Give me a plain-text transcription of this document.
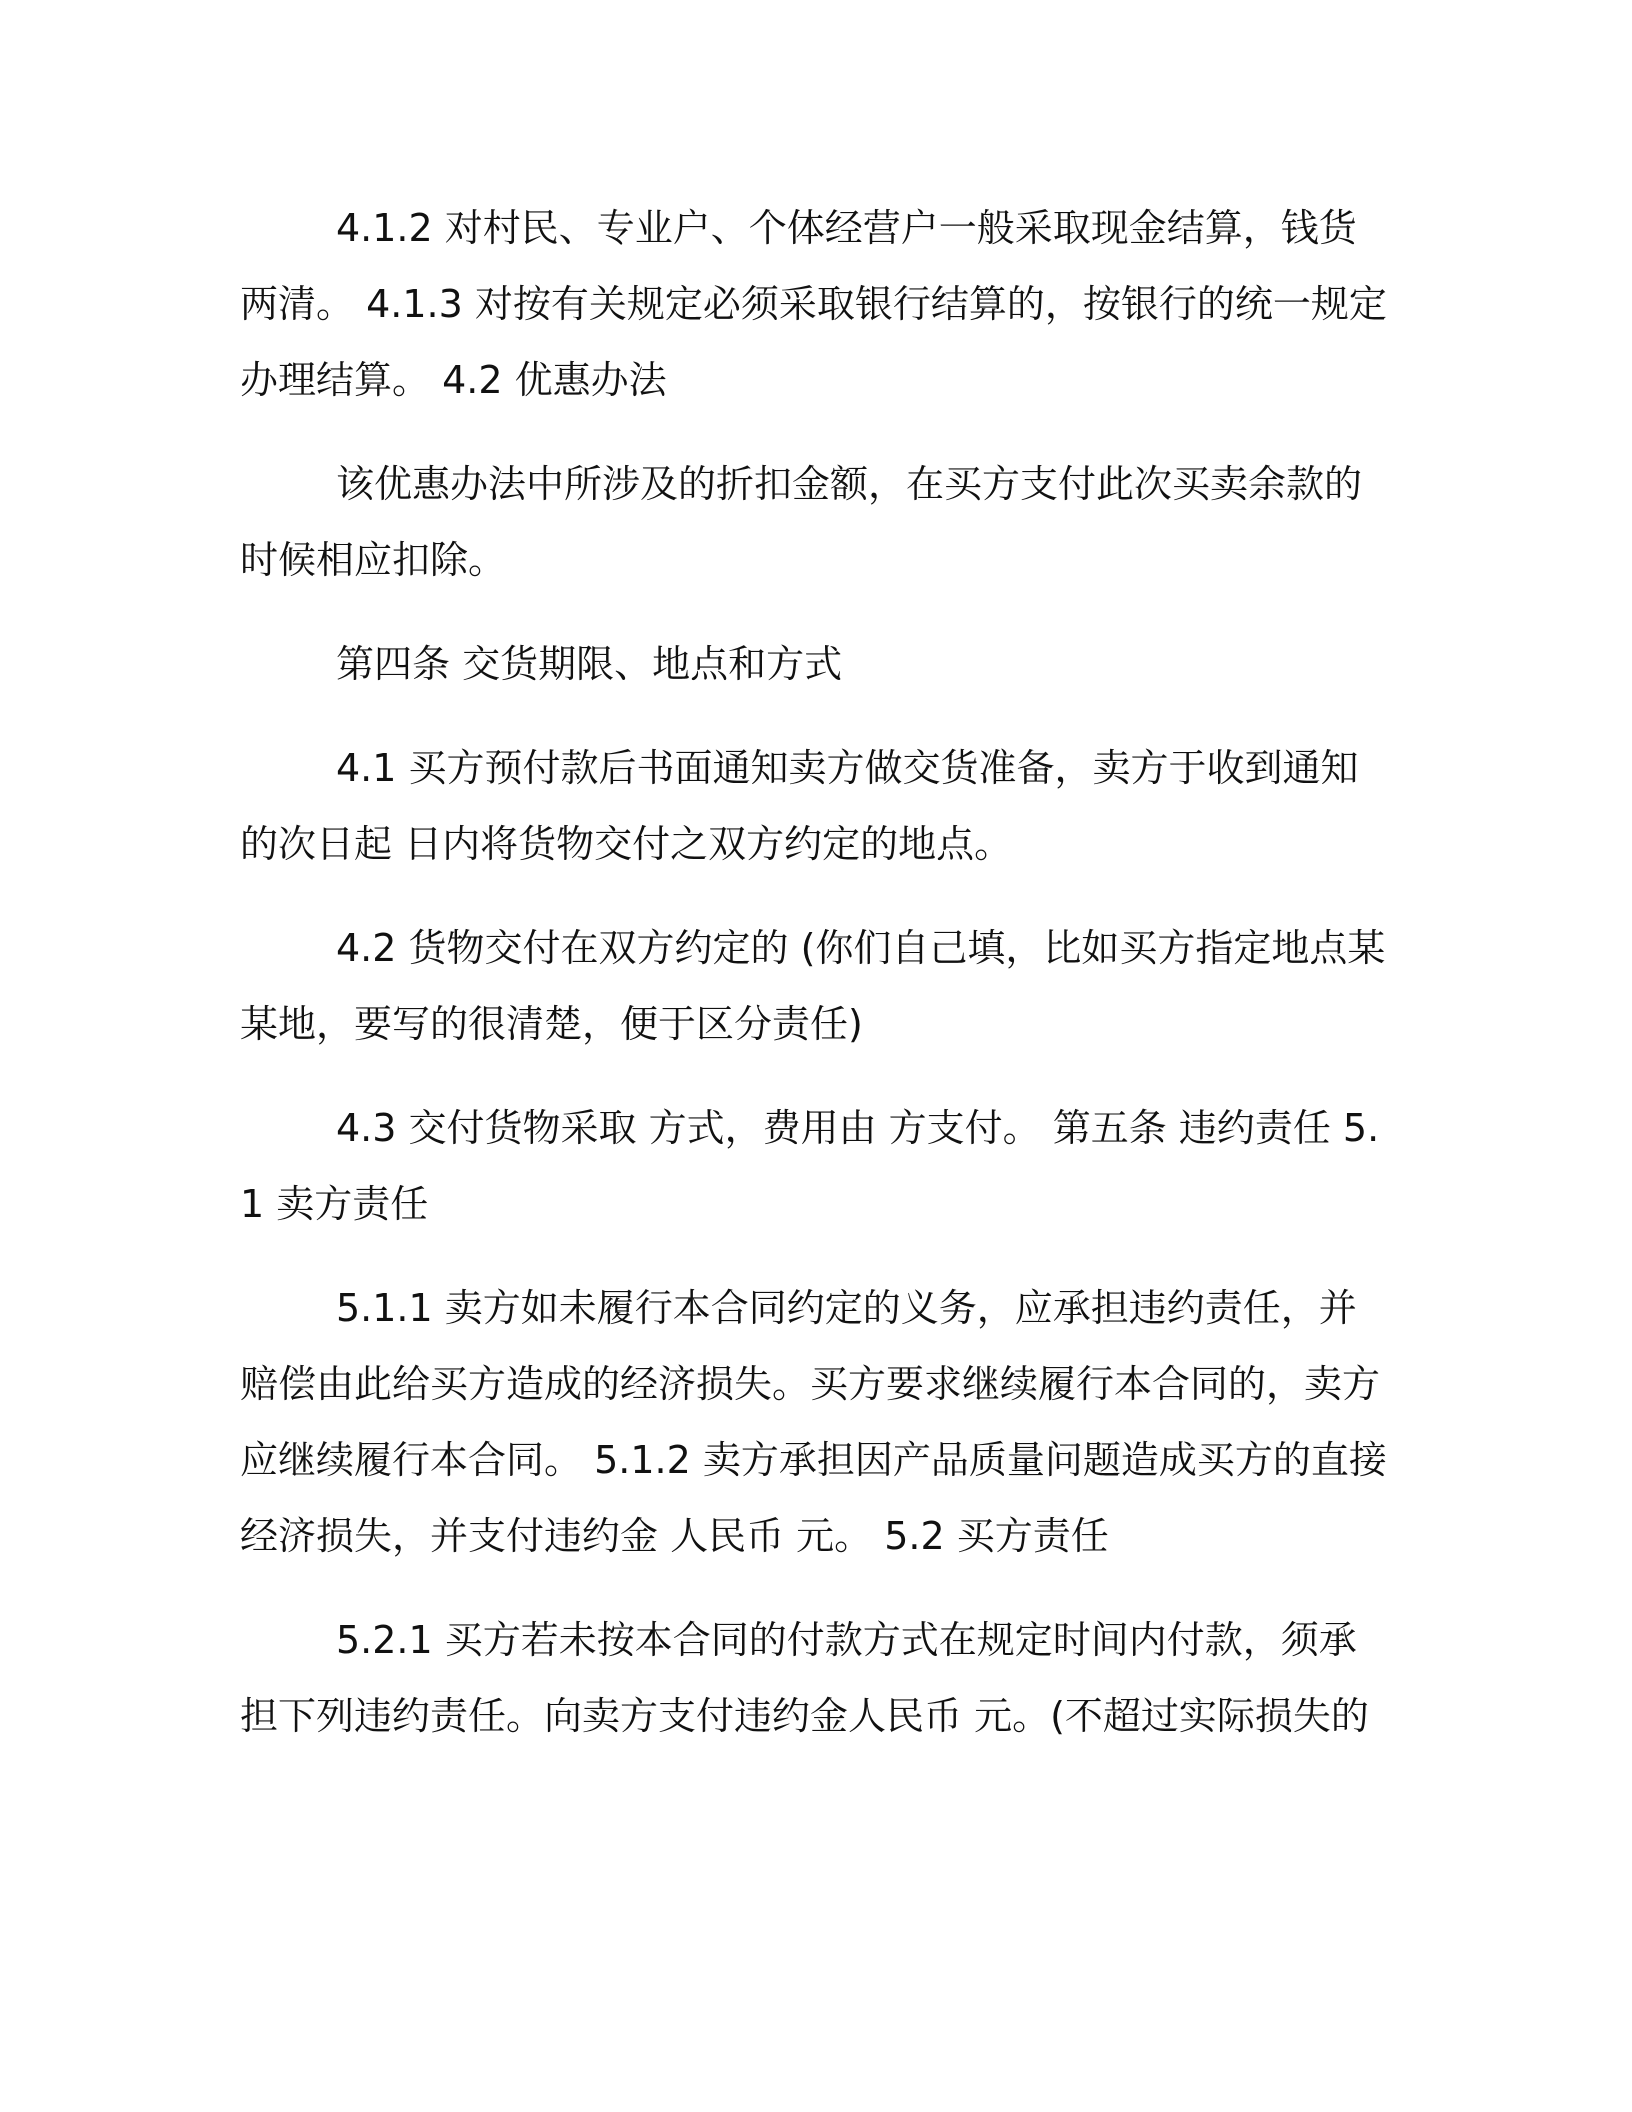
4.1.2 对村民、专业户、个体经营户一般采取现金结算，钱货两清。 4.1.3 对按有关规定必须采取银行结算的，按银行的统一规定办理结算。 4.2 优惠办法

该优惠办法中所涉及的折扣金额，在买方支付此次买卖余款的时候相应扣除。

第四条 交货期限、地点和方式

4.1 买方预付款后书面通知卖方做交货准备，卖方于收到通知的次日起 日内将货物交付之双方约定的地点。

4.2 货物交付在双方约定的 (你们自己填，比如买方指定地点某某地，要写的很清楚，便于区分责任)

4.3 交付货物采取 方式，费用由 方支付。 第五条 违约责任 5.1 卖方责任

5.1.1 卖方如未履行本合同约定的义务，应承担违约责任，并赔偿由此给买方造成的经济损失。买方要求继续履行本合同的，卖方应继续履行本合同。 5.1.2 卖方承担因产品质量问题造成买方的直接经济损失，并支付违约金 人民币 元。 5.2 买方责任

5.2.1 买方若未按本合同的付款方式在规定时间内付款，须承担下列违约责任。向卖方支付违约金人民币 元。(不超过实际损失的
